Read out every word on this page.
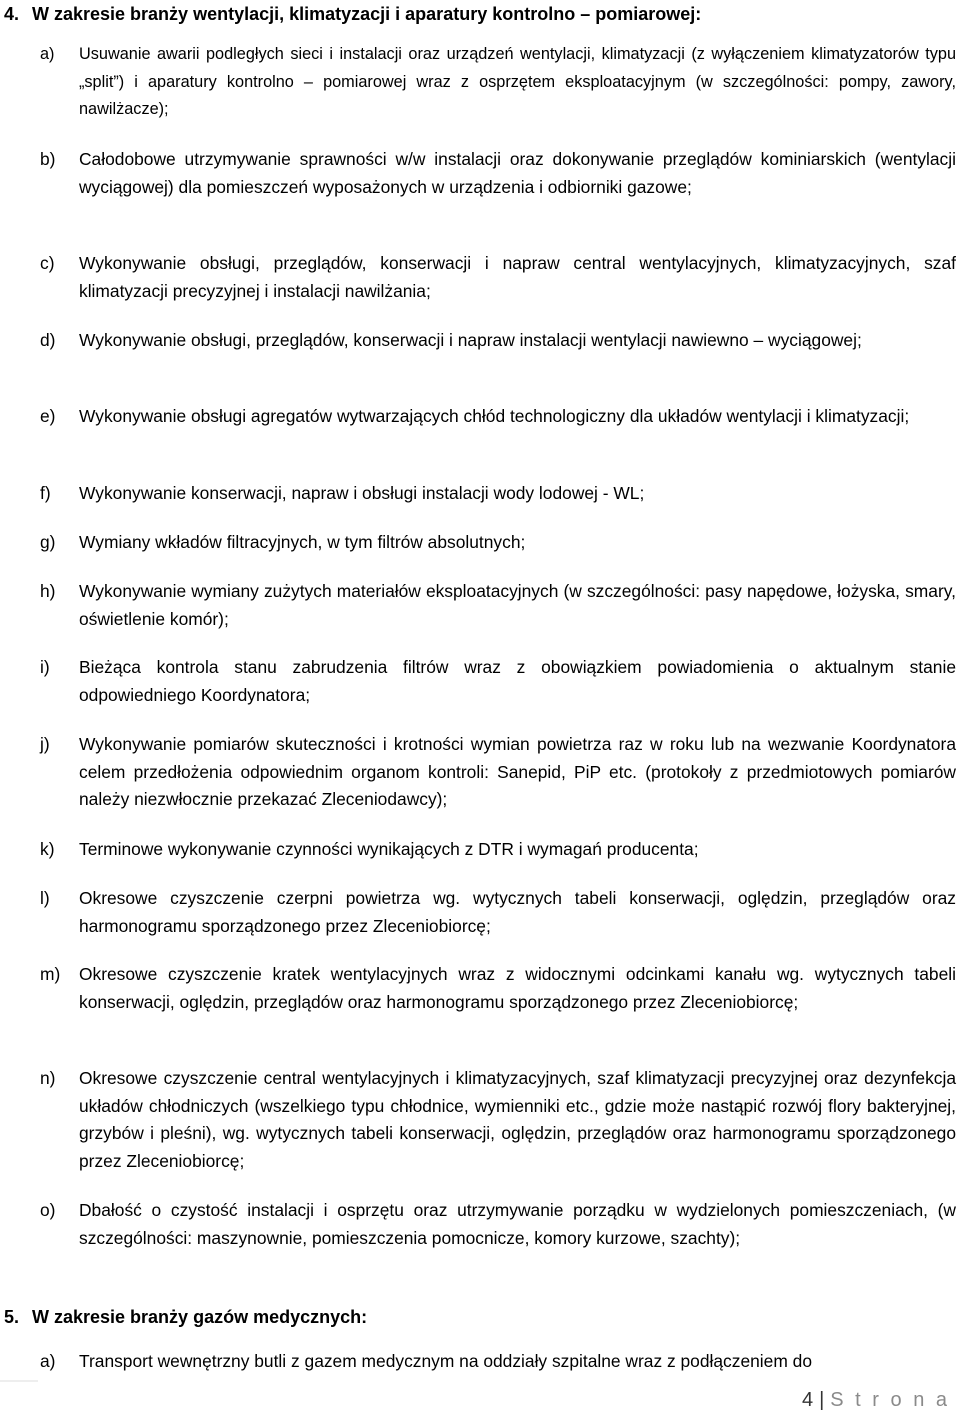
4. W zakresie branży wentylacji, klimatyzacji i aparatury kontrolno – pomiarowej:
a) Usuwanie awarii podległych sieci i instalacji oraz urządzeń wentylacji, klimatyzacji (z wyłączeniem klimatyzatorów typu „split”) i aparatury kontrolno – pomiarowej wraz z osprzętem eksploatacyjnym (w szczególności: pompy, zawory, nawilżacze);
b) Całodobowe utrzymywanie sprawności w/w instalacji oraz dokonywanie przeglądów kominiarskich (wentylacji wyciągowej) dla pomieszczeń wyposażonych w urządzenia i odbiorniki gazowe;
c) Wykonywanie obsługi, przeglądów, konserwacji i napraw central wentylacyjnych, klimatyzacyjnych, szaf klimatyzacji precyzyjnej i instalacji nawilżania;
d) Wykonywanie obsługi, przeglądów, konserwacji i napraw instalacji wentylacji nawiewno – wyciągowej;
e) Wykonywanie obsługi agregatów wytwarzających chłód technologiczny dla układów wentylacji i klimatyzacji;
f) Wykonywanie konserwacji, napraw i obsługi instalacji wody lodowej - WL;
g) Wymiany wkładów filtracyjnych, w tym filtrów absolutnych;
h) Wykonywanie wymiany zużytych materiałów eksploatacyjnych (w szczególności: pasy napędowe, łożyska, smary, oświetlenie komór);
i) Bieżąca kontrola stanu zabrudzenia filtrów wraz z obowiązkiem powiadomienia o aktualnym stanie odpowiedniego Koordynatora;
j) Wykonywanie pomiarów skuteczności i krotności wymian powietrza raz w roku lub na wezwanie Koordynatora celem przedłożenia odpowiednim organom kontroli: Sanepid, PiP etc. (protokoły z przedmiotowych pomiarów należy niezwłocznie przekazać Zleceniodawcy);
k) Terminowe wykonywanie czynności wynikających z DTR i wymagań producenta;
l) Okresowe czyszczenie czerpni powietrza wg. wytycznych tabeli konserwacji, oględzin, przeglądów oraz harmonogramu sporządzonego przez Zleceniobiorcę;
m) Okresowe czyszczenie kratek wentylacyjnych wraz z widocznymi odcinkami kanału wg. wytycznych tabeli konserwacji, oględzin, przeglądów oraz harmonogramu sporządzonego przez Zleceniobiorcę;
n) Okresowe czyszczenie central wentylacyjnych i klimatyzacyjnych, szaf klimatyzacji precyzyjnej oraz dezynfekcja układów chłodniczych (wszelkiego typu chłodnice, wymienniki etc., gdzie może nastąpić rozwój flory bakteryjnej, grzybów i pleśni), wg. wytycznych tabeli konserwacji, oględzin, przeglądów oraz harmonogramu sporządzonego przez Zleceniobiorcę;
o) Dbałość o czystość instalacji i osprzętu oraz utrzymywanie porządku w wydzielonych pomieszczeniach, (w szczególności: maszynownie, pomieszczenia pomocnicze, komory kurzowe, szachty);
5. W zakresie branży gazów medycznych:
a) Transport wewnętrzny butli z gazem medycznym na oddziały szpitalne wraz z podłączeniem do
4 | S t r o n a
